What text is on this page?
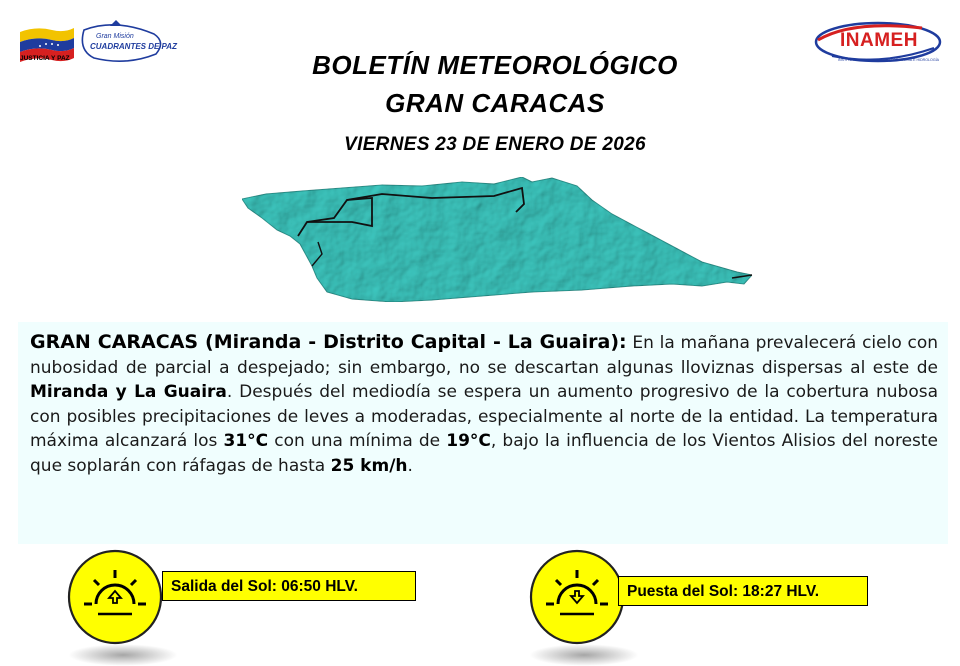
JUSTICIA Y PAZ
Gran Misión
CUADRANTES DE PAZ	INAMEH
INSTITUTO NACIONAL DE METEOROLOGÍA E HIDROLOGÍA
BOLETÍN METEOROLÓGICO
GRAN CARACAS
VIERNES 23 DE ENERO DE 2026
GRAN CARACAS (Miranda - Distrito Capital - La Guaira): En la mañana prevalecerá cielo con nubosidad de parcial a despejado; sin embargo, no se descartan algunas lloviznas dispersas al este de Miranda y La Guaira. Después del mediodía se espera un aumento progresivo de la cobertura nubosa con posibles precipitaciones de leves a moderadas, especialmente al norte de la entidad. La temperatura máxima alcanzará los 31°C con una mínima de 19°C, bajo la influencia de los Vientos Alisios del noreste que soplarán con ráfagas de hasta 25 km/h.
Salida del Sol: 06:50 HLV.	Puesta del Sol: 18:27 HLV.
